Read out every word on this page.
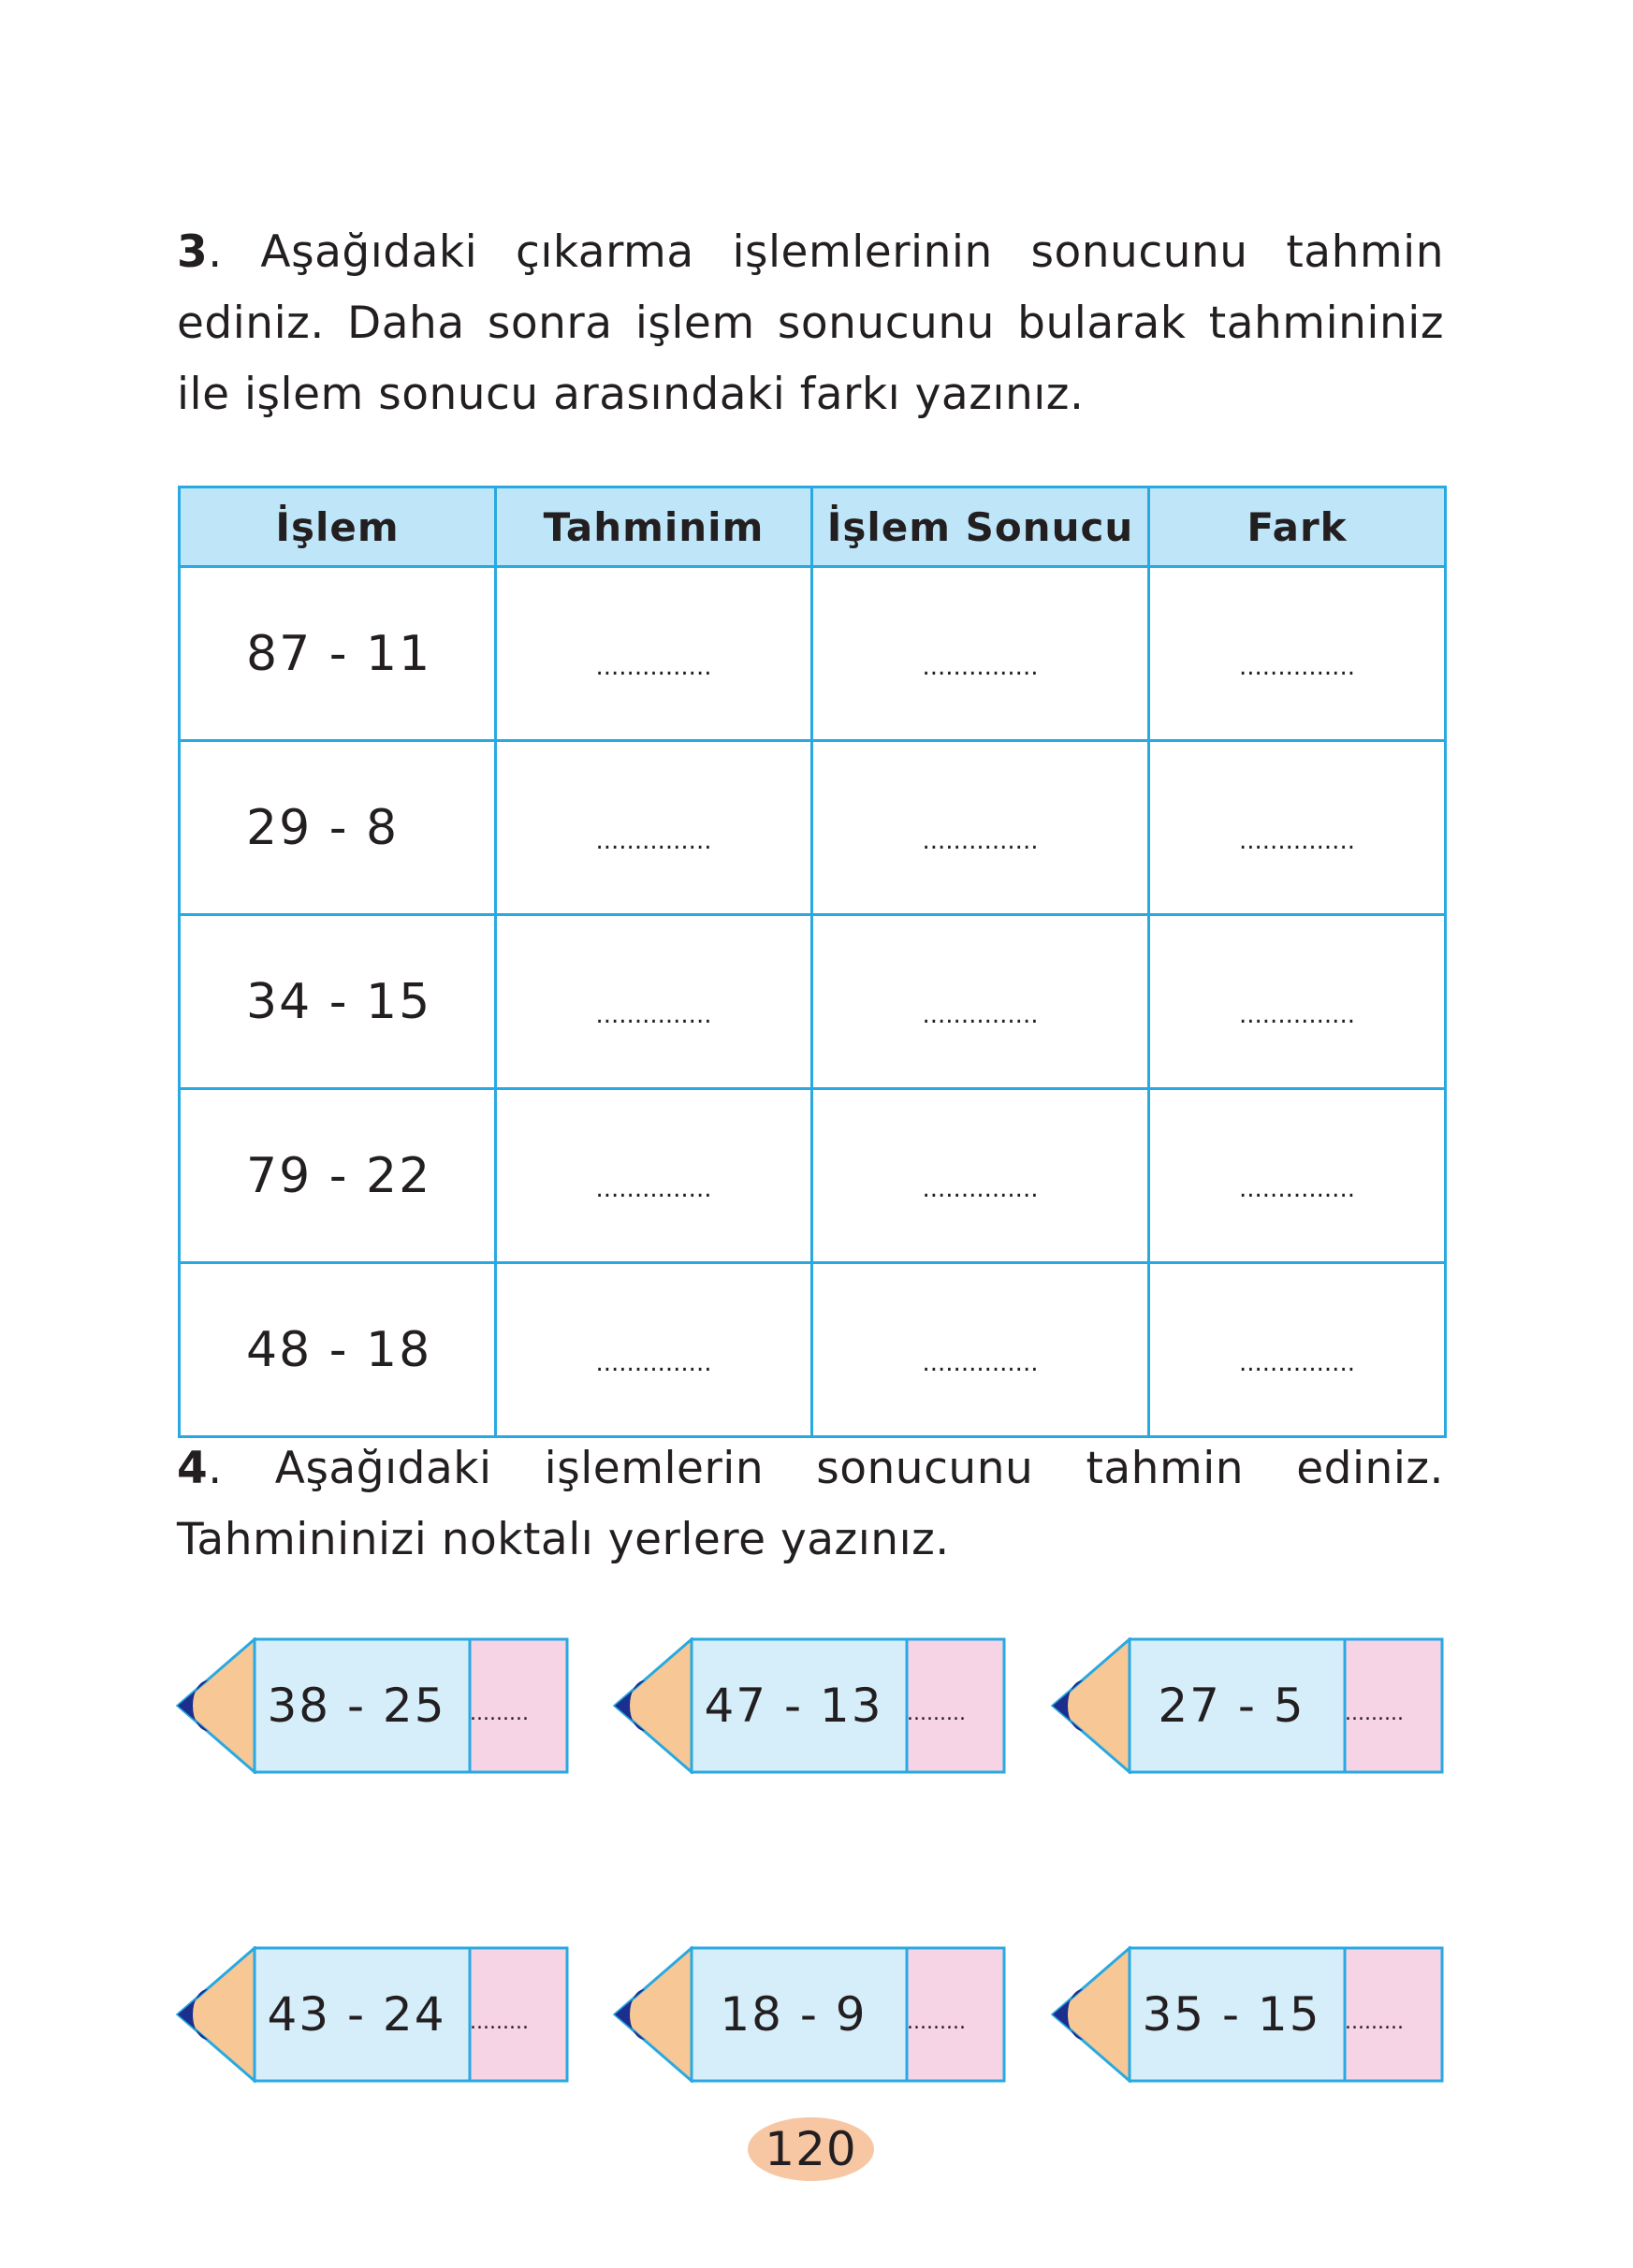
3. Aşağıdaki çıkarma işlemlerinin sonucunu tahmin ediniz. Daha sonra işlem sonucunu bularak tahmininiz ile işlem sonucu arasındaki farkı yazınız.
İşlem	Tahminim	İşlem Sonucu	Fark
87 - 11	...............	...............	...............
29 - 8	...............	...............	...............
34 - 15	...............	...............	...............
79 - 22	...............	...............	...............
48 - 18	...............	...............	...............
4. Aşağıdaki işlemlerin sonucunu tahmin ediniz. Tahmininizi noktalı yerlere yazınız.
38 - 25	.........	47 - 13	.........	27 - 5	.........
43 - 24	.........	18 - 9	.........	35 - 15	.........
120
